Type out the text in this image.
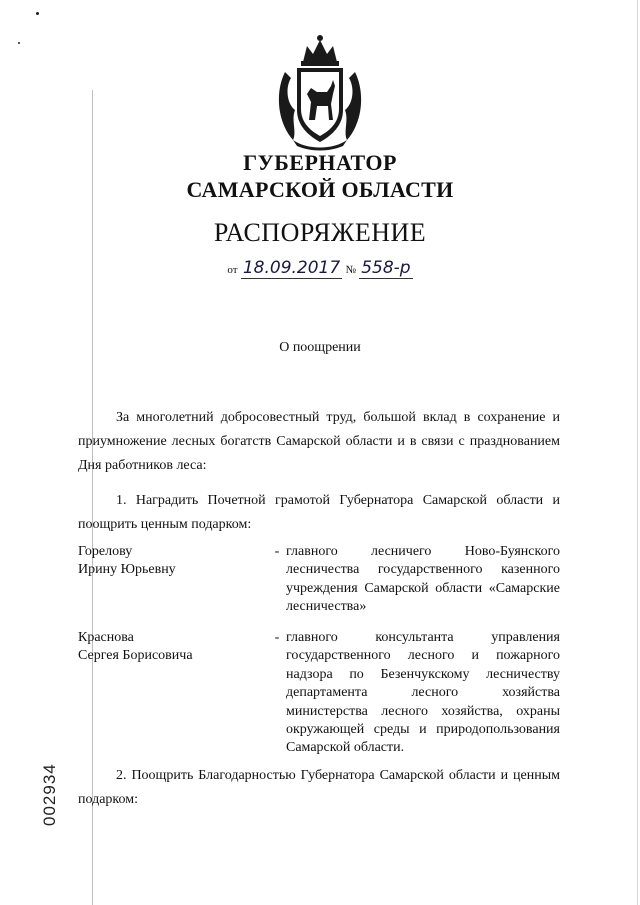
ГУБЕРНАТОР
САМАРСКОЙ ОБЛАСТИ
РАСПОРЯЖЕНИЕ
от 18.09.2017 № 558-р
О поощрении

За многолетний добросовестный труд, большой вклад в сохранение и приумножение лесных богатств Самарской области и в связи с празднованием Дня работников леса:

1. Наградить Почетной грамотой Губернатора Самарской области и поощрить ценным подарком:

Горелову
Ирину Юрьевну
- главного лесничего Ново-Буянского лесничества государственного казенного учреждения Самарской области «Самарские лесничества»
Краснова
Сергея Борисовича
- главного консультанта управления государственного лесного и пожарного надзора по Безенчукскому лесничеству департамента лесного хозяйства министерства лесного хозяйства, охраны окружающей среды и природопользования Самарской области.

2. Поощрить Благодарностью Губернатора Самарской области и ценным подарком:

002934
